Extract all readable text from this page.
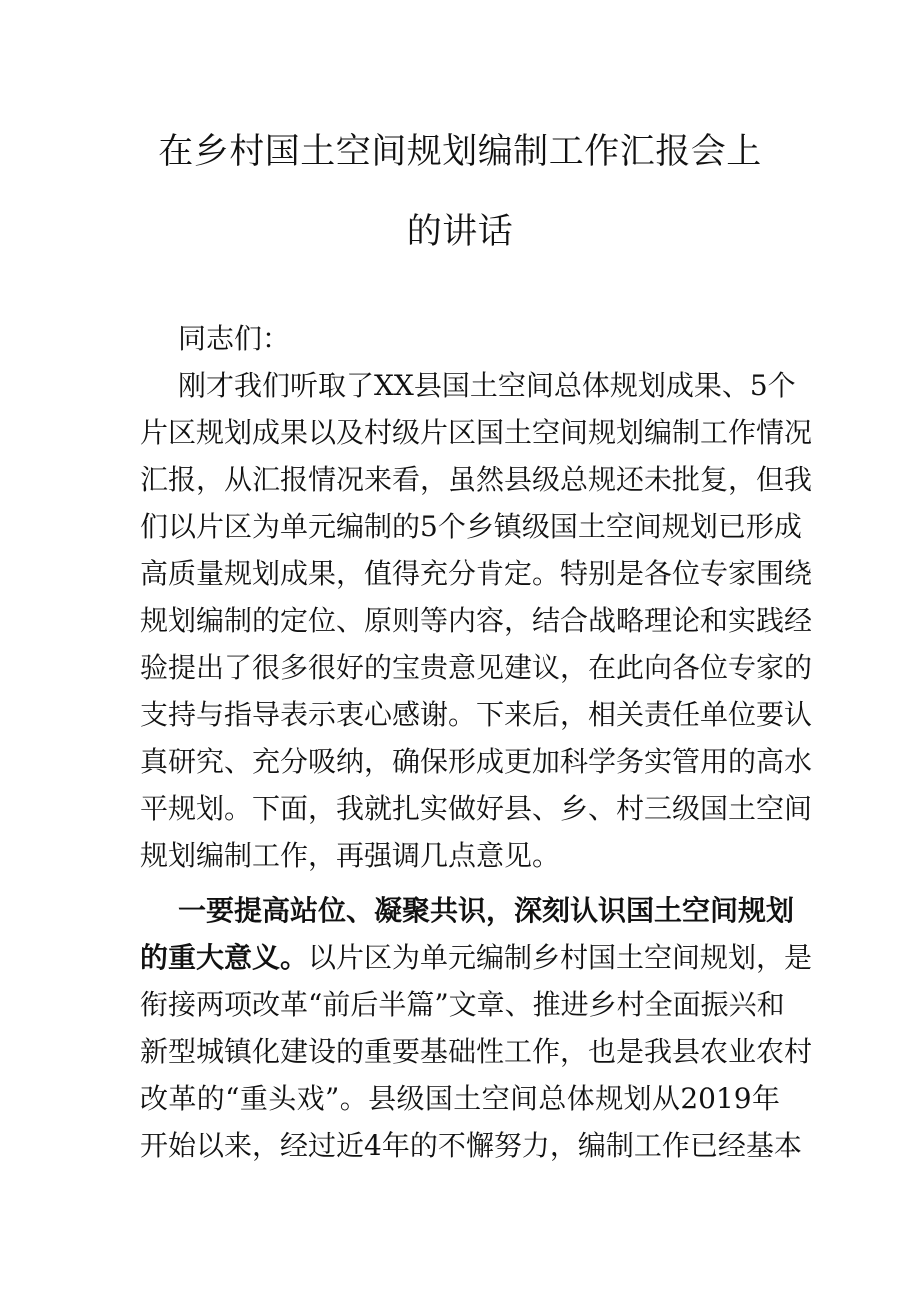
在乡村国土空间规划编制工作汇报会上
的讲话
同志们：
刚才我们听取了XX县国土空间总体规划成果、5个
片区规划成果以及村级片区国土空间规划编制工作情况
汇报，从汇报情况来看，虽然县级总规还未批复，但我
们以片区为单元编制的5个乡镇级国土空间规划已形成
高质量规划成果，值得充分肯定。特别是各位专家围绕
规划编制的定位、原则等内容，结合战略理论和实践经
验提出了很多很好的宝贵意见建议，在此向各位专家的
支持与指导表示衷心感谢。下来后，相关责任单位要认
真研究、充分吸纳，确保形成更加科学务实管用的高水
平规划。下面，我就扎实做好县、乡、村三级国土空间
规划编制工作，再强调几点意见。
一要提高站位、凝聚共识，深刻认识国土空间规划
的重大意义。以片区为单元编制乡村国土空间规划，是
衔接两项改革“前后半篇”文章、推进乡村全面振兴和
新型城镇化建设的重要基础性工作，也是我县农业农村
改革的“重头戏”。县级国土空间总体规划从2019年
开始以来，经过近4年的不懈努力，编制工作已经基本
